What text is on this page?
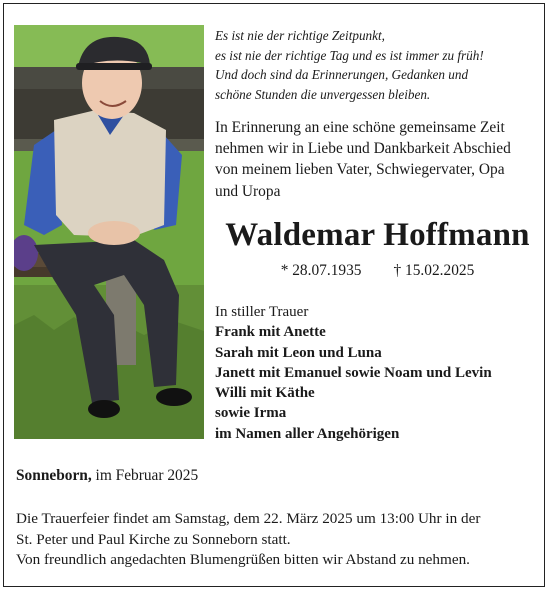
Es ist nie der richtige Zeitpunkt,
es ist nie der richtige Tag und es ist immer zu früh!
Und doch sind da Erinnerungen, Gedanken und
schöne Stunden die unvergessen bleiben.
In Erinnerung an eine schöne gemeinsame Zeit
nehmen wir in Liebe und Dankbarkeit Abschied
von meinem lieben Vater, Schwiegervater, Opa
und Uropa
Waldemar Hoffmann
* 28.07.1935 † 15.02.2025
In stiller Trauer
Frank mit Anette
Sarah mit Leon und Luna
Janett mit Emanuel sowie Noam und Levin
Willi mit Käthe
sowie Irma
im Namen aller Angehörigen
Sonneborn, im Februar 2025
Die Trauerfeier findet am Samstag, dem 22. März 2025 um 13:00 Uhr in der
St. Peter und Paul Kirche zu Sonneborn statt.
Von freundlich angedachten Blumengrüßen bitten wir Abstand zu nehmen.
